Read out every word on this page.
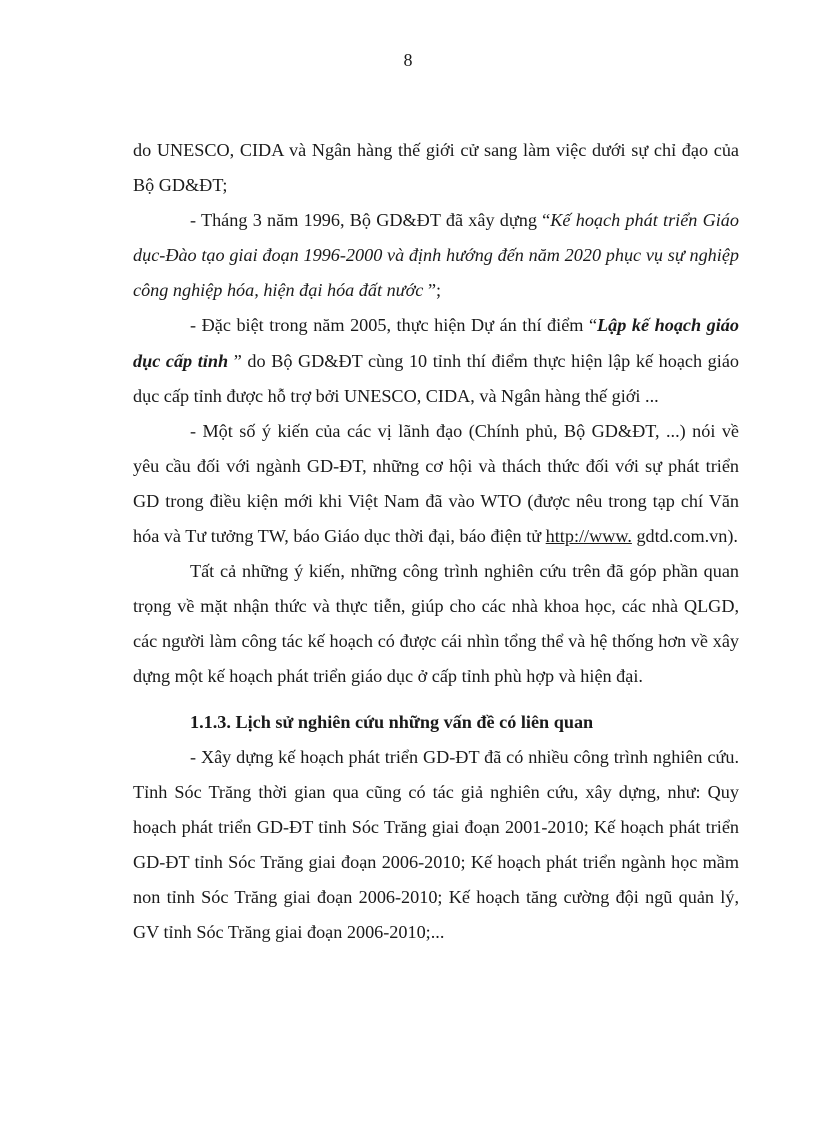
8

do UNESCO, CIDA và Ngân hàng thế giới cử sang làm việc dưới sự chỉ đạo của Bộ GD&ĐT;

- Tháng 3 năm 1996, Bộ GD&ĐT đã xây dựng “Kế hoạch phát triển Giáo dục-Đào tạo giai đoạn 1996-2000 và định hướng đến năm 2020 phục vụ sự nghiệp công nghiệp hóa, hiện đại hóa đất nước ”;

- Đặc biệt trong năm 2005, thực hiện Dự án thí điểm “Lập kế hoạch giáo dục cấp tỉnh ” do Bộ GD&ĐT cùng 10 tỉnh thí điểm thực hiện lập kế hoạch giáo dục cấp tỉnh được hỗ trợ bởi UNESCO, CIDA, và Ngân hàng thế giới ...

- Một số ý kiến của các vị lãnh đạo (Chính phủ, Bộ GD&ĐT, ...) nói về yêu cầu đối với ngành GD-ĐT, những cơ hội và thách thức đối với sự phát triển GD trong điều kiện mới khi Việt Nam đã vào WTO (được nêu trong tạp chí Văn hóa và Tư tưởng TW, báo Giáo dục thời đại, báo điện tử http://www. gdtd.com.vn).

Tất cả những ý kiến, những công trình nghiên cứu trên đã góp phần quan trọng về mặt nhận thức và thực tiễn, giúp cho các nhà khoa học, các nhà QLGD, các người làm công tác kế hoạch có được cái nhìn tổng thể và hệ thống hơn về xây dựng một kế hoạch phát triển giáo dục ở cấp tỉnh phù hợp và hiện đại.

1.1.3. Lịch sử nghiên cứu những vấn đề có liên quan

- Xây dựng kế hoạch phát triển GD-ĐT đã có nhiều công trình nghiên cứu. Tỉnh Sóc Trăng thời gian qua cũng có tác giả nghiên cứu, xây dựng, như: Quy hoạch phát triển GD-ĐT tỉnh Sóc Trăng giai đoạn 2001-2010; Kế hoạch phát triển GD-ĐT tỉnh Sóc Trăng giai đoạn 2006-2010; Kế hoạch phát triển ngành học mầm non tỉnh Sóc Trăng giai đoạn 2006-2010; Kế hoạch tăng cường đội ngũ quản lý, GV tỉnh Sóc Trăng giai đoạn 2006-2010;...
